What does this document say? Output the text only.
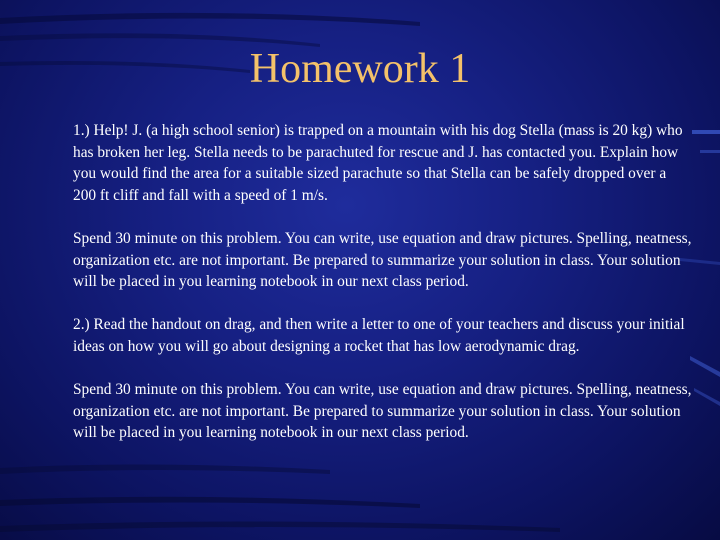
Homework 1

1.) Help! J. (a high school senior) is trapped on a mountain with his dog Stella (mass is 20 kg) who has broken her leg. Stella needs to be parachuted for rescue and J. has contacted you. Explain how you would find the area for a suitable sized parachute so that Stella can be safely dropped over a 200 ft cliff and fall with a speed of 1 m/s.

Spend 30 minute on this problem. You can write, use equation and draw pictures. Spelling, neatness, organization etc. are not important. Be prepared to summarize your solution in class. Your solution will be placed in you learning notebook in our next class period.

2.) Read the handout on drag, and then write a letter to one of your teachers and discuss your initial ideas on how you will go about designing a rocket that has low aerodynamic drag.

Spend 30 minute on this problem. You can write, use equation and draw pictures. Spelling, neatness, organization etc. are not important. Be prepared to summarize your solution in class. Your solution will be placed in you learning notebook in our next class period.
